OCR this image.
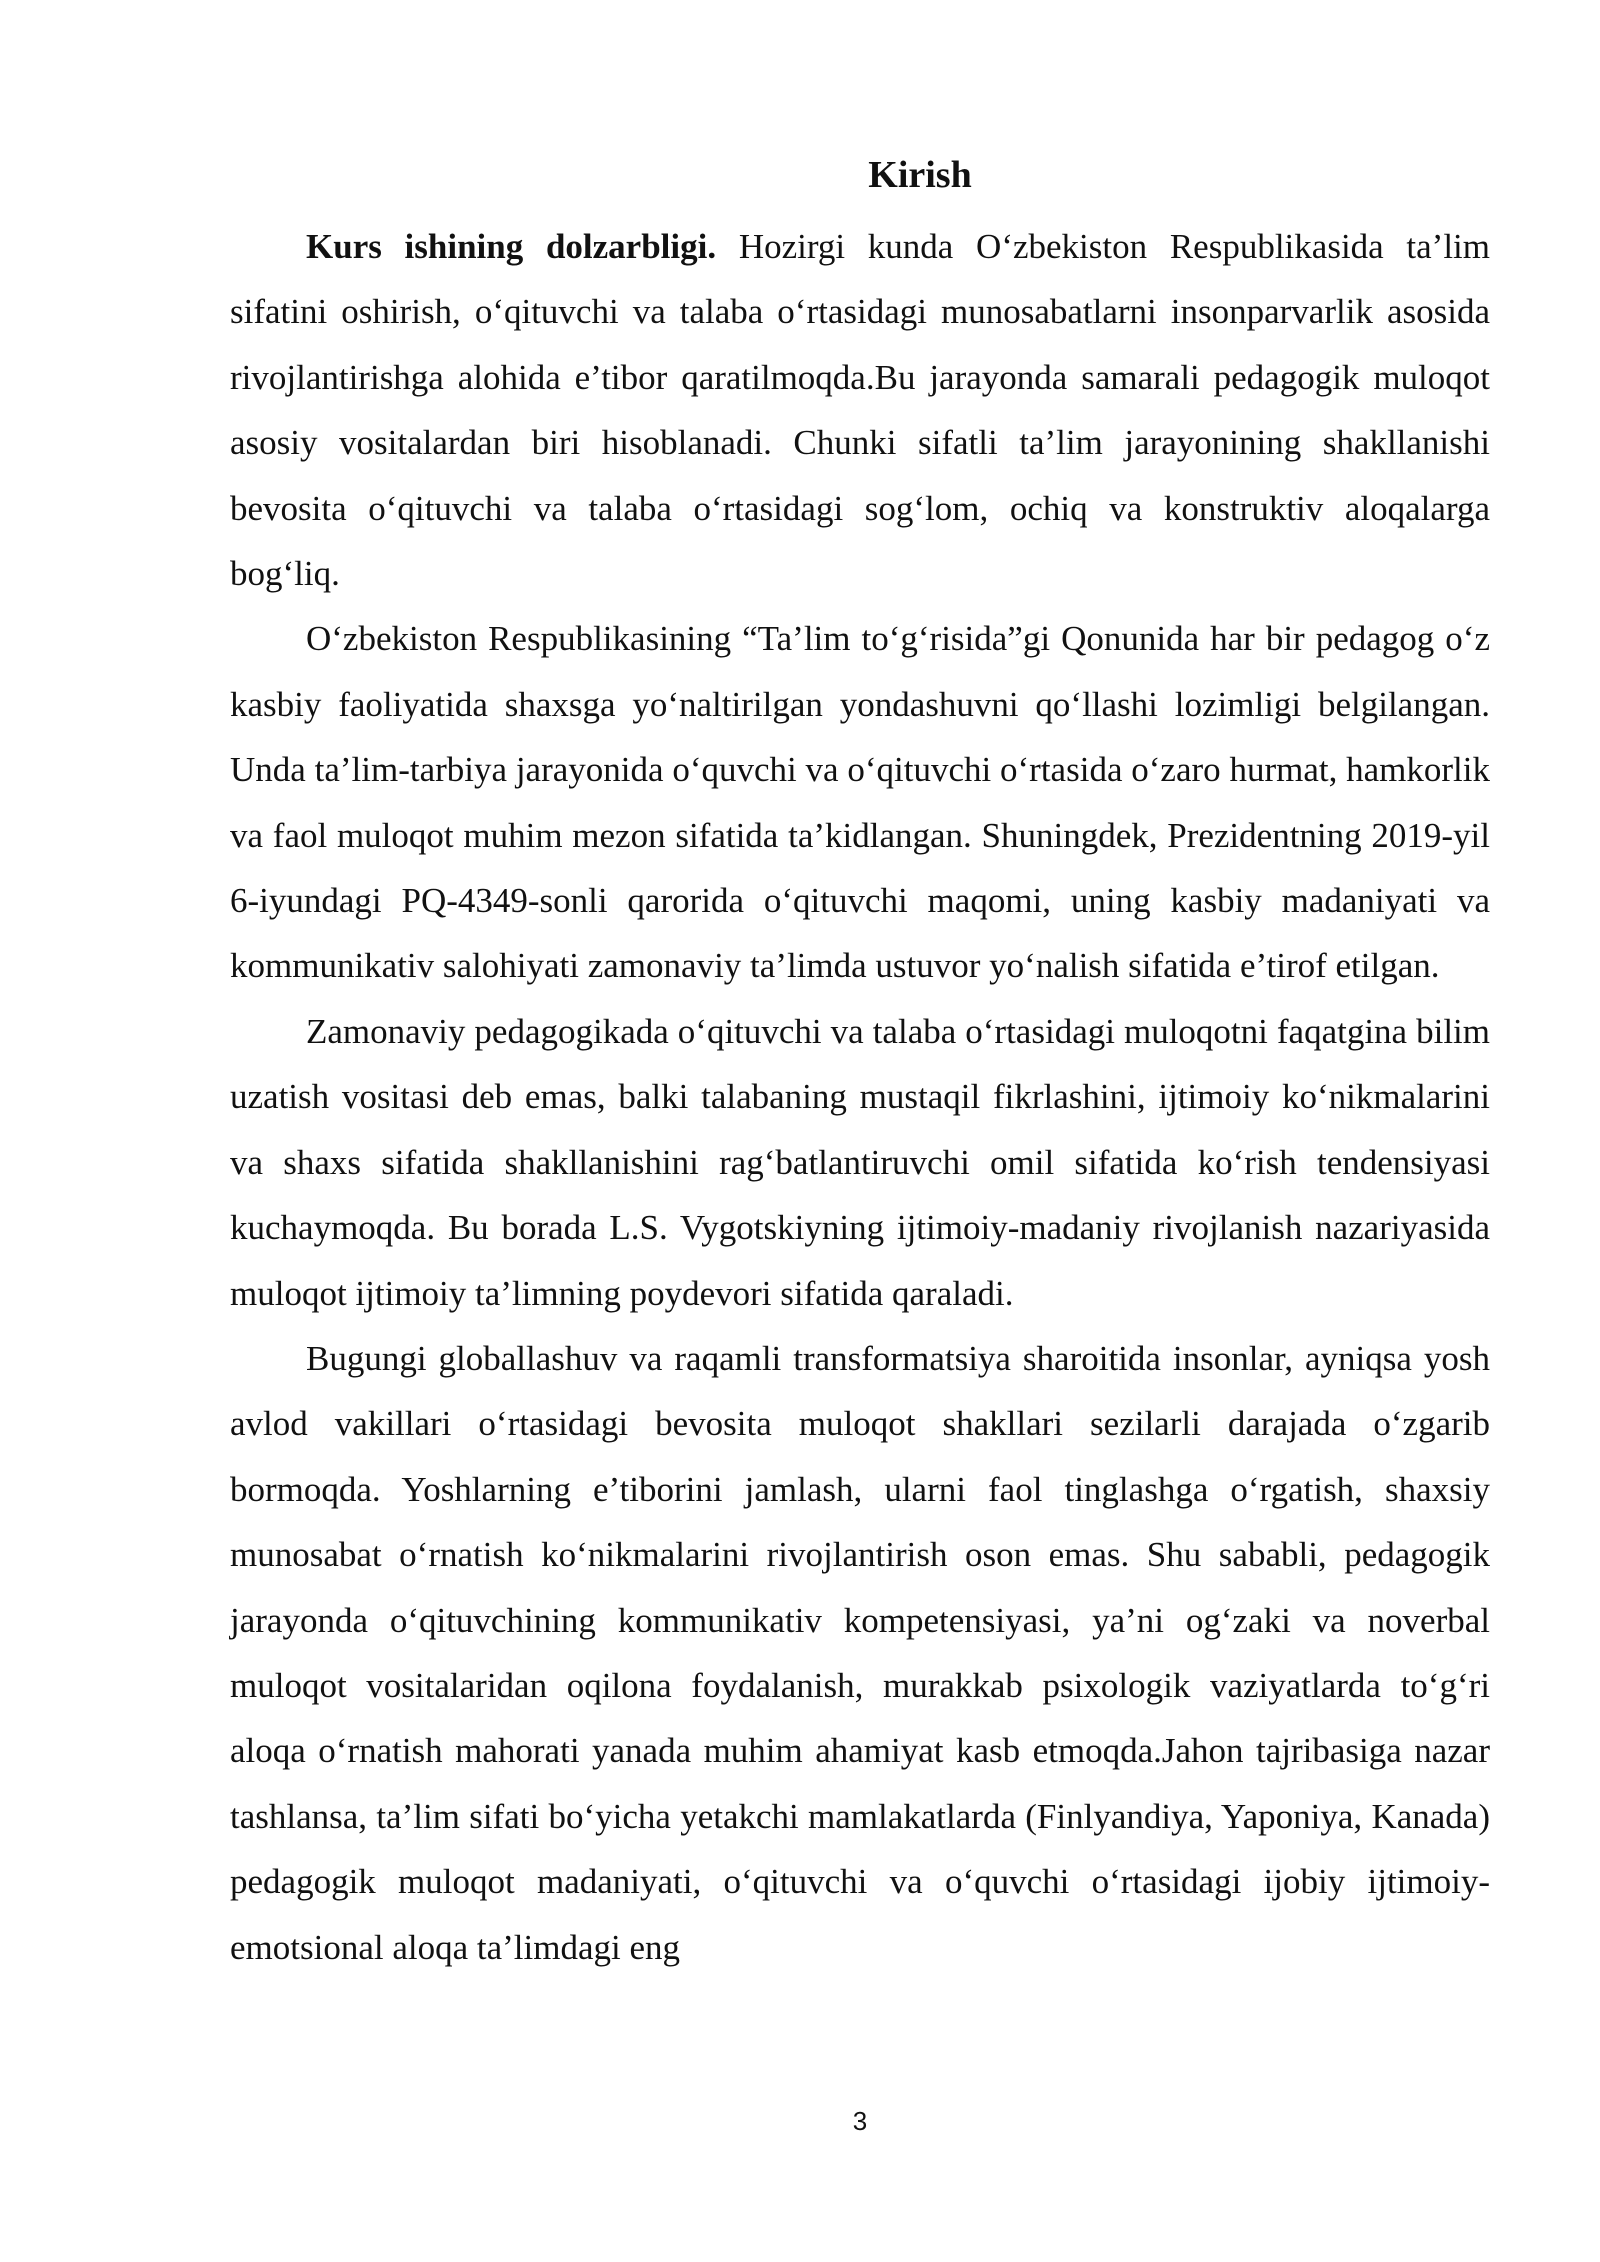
Kirish

Kurs ishining dolzarbligi. Hozirgi kunda O‘zbekiston Respublikasida ta’lim sifatini oshirish, o‘qituvchi va talaba o‘rtasidagi munosabatlarni insonparvarlik asosida rivojlantirishga alohida e’tibor qaratilmoqda.Bu jarayonda samarali pedagogik muloqot asosiy vositalardan biri hisoblanadi. Chunki sifatli ta’lim jarayonining shakllanishi bevosita o‘qituvchi va talaba o‘rtasidagi sog‘lom, ochiq va konstruktiv aloqalarga bog‘liq.

O‘zbekiston Respublikasining “Ta’lim to‘g‘risida”gi Qonunida har bir pedagog o‘z kasbiy faoliyatida shaxsga yo‘naltirilgan yondashuvni qo‘llashi lozimligi belgilangan. Unda ta’lim-tarbiya jarayonida o‘quvchi va o‘qituvchi o‘rtasida o‘zaro hurmat, hamkorlik va faol muloqot muhim mezon sifatida ta’kidlangan. Shuningdek, Prezidentning 2019-yil 6-iyundagi PQ-4349-sonli qarorida o‘qituvchi maqomi, uning kasbiy madaniyati va kommunikativ salohiyati zamonaviy ta’limda ustuvor yo‘nalish sifatida e’tirof etilgan.

Zamonaviy pedagogikada o‘qituvchi va talaba o‘rtasidagi muloqotni faqatgina bilim uzatish vositasi deb emas, balki talabaning mustaqil fikrlashini, ijtimoiy ko‘nikmalarini va shaxs sifatida shakllanishini rag‘batlantiruvchi omil sifatida ko‘rish tendensiyasi kuchaymoqda. Bu borada L.S. Vygotskiyning ijtimoiy-madaniy rivojlanish nazariyasida muloqot ijtimoiy ta’limning poydevori sifatida qaraladi.

Bugungi globallashuv va raqamli transformatsiya sharoitida insonlar, ayniqsa yosh avlod vakillari o‘rtasidagi bevosita muloqot shakllari sezilarli darajada o‘zgarib bormoqda. Yoshlarning e’tiborini jamlash, ularni faol tinglashga o‘rgatish, shaxsiy munosabat o‘rnatish ko‘nikmalarini rivojlantirish oson emas. Shu sababli, pedagogik jarayonda o‘qituvchining kommunikativ kompetensiyasi, ya’ni og‘zaki va noverbal muloqot vositalaridan oqilona foydalanish, murakkab psixologik vaziyatlarda to‘g‘ri aloqa o‘rnatish mahorati yanada muhim ahamiyat kasb etmoqda.Jahon tajribasiga nazar tashlansa, ta’lim sifati bo‘yicha yetakchi mamlakatlarda (Finlyandiya, Yaponiya, Kanada) pedagogik muloqot madaniyati, o‘qituvchi va o‘quvchi o‘rtasidagi ijobiy ijtimoiy-emotsional aloqa ta’limdagi eng

3
